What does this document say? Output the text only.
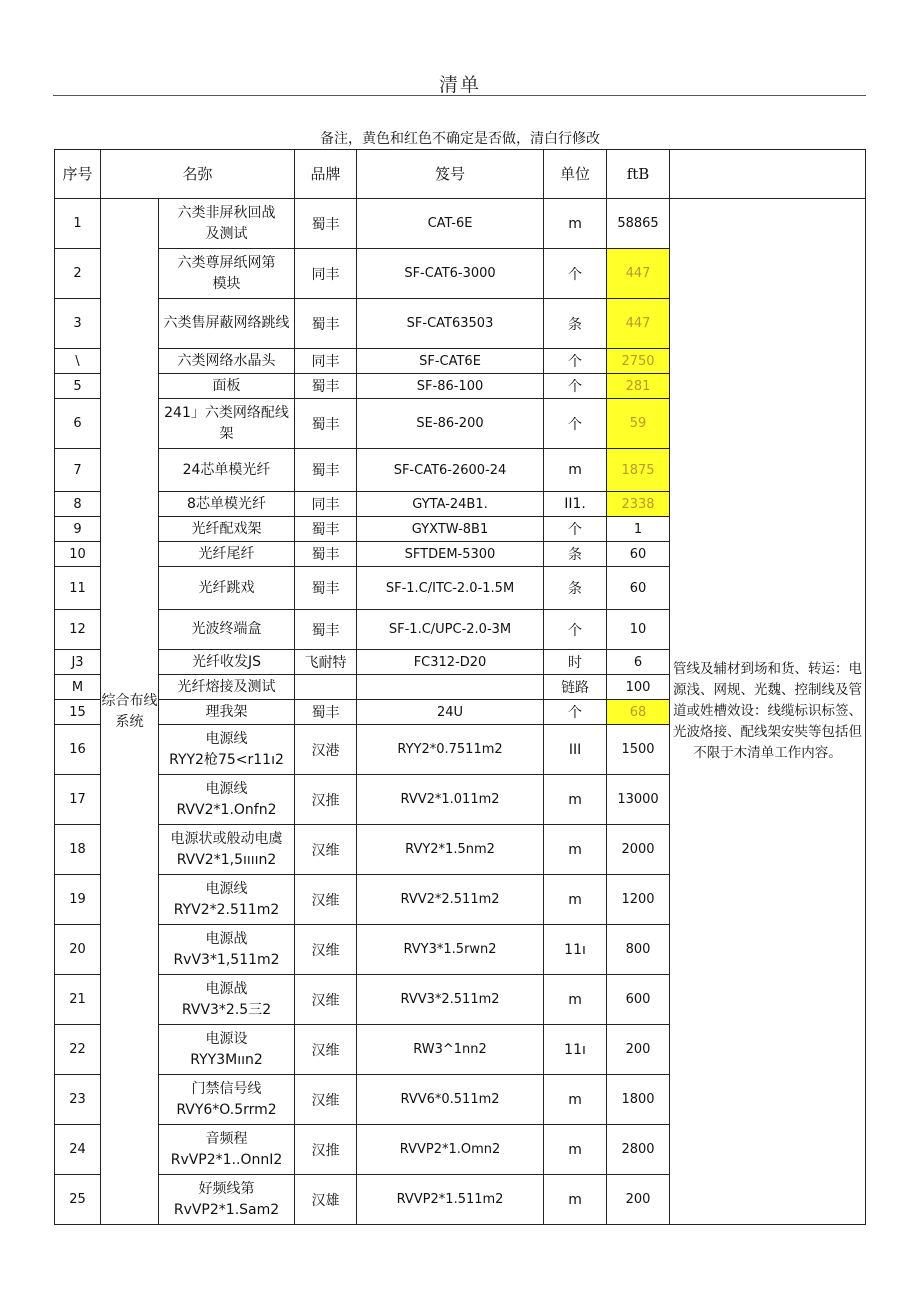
清单
备注，黄色和红色不确定是否做，清白行修改
序号	名弥		品牌	笈号	单位	ftB	
1	综合布线系统	六类非屏秋回战
及测试	蜀丰	CAT-6E	m	58865	管线及辅材到场和货、转运：电源浅、网规、光魏、控制线及管道或姓槽效设：线缆标识标签、光波烙接、配线架安奘等包括但不限于木清单工作内容。
2		六类尊屏纸网第
模块	同丰	SF-CAT6-3000	个	447	
3		六类售屏蔽网络跳线	蜀丰	SF-CAT63503	条	447	
\		六类网络水晶头	同丰	SF-CAT6E	个	2750	
5		面板	蜀丰	SF-86-100	个	281	
6		241」六类网络配线
架	蜀丰	SE-86-200	个	59	
7		24芯单模光纤	蜀丰	SF-CAT6-2600-24	m	1875	
8		8芯单模光纤	同丰	GYTA-24B1.	II1.	2338	
9		光纤配戏架	蜀丰	GYXTW-8B1	个	1	
10		光纤尾纤	蜀丰	SFTDEM-5300	条	60	
11		光纤跳戏	蜀丰	SF-1.C/ITC-2.0-1.5M	条	60	
12		光波终端盒	蜀丰	SF-1.C/UPC-2.0-3M	个	10	
J3		光纤收发JS	飞耐特	FC312-D20	时	6	
M		光纤熔接及测试			链路	100	
15		理我架	蜀丰	24U	个	68	
16		电源线
RYY2枪75<r11ı2	汉港	RYY2*0.7511m2	III	1500	
17		电源线
RVV2*1.Onfn2	汉推	RVV2*1.011m2	m	13000	
18		电源状或般动电虞
RVV2*1,5ıııın2	汉维	RVY2*1.5nm2	m	2000	
19		电源线
RYV2*2.511m2	汉维	RVV2*2.511m2	m	1200	
20		电源战
RvV3*1,511m2	汉维	RVY3*1.5rwn2	11ı	800	
21		电源战
RVV3*2.5三2	汉维	RVV3*2.511m2	m	600	
22		电源设
RYY3Mıın2	汉维	RW3^1nn2	11ı	200	
23		门禁信号线
RVY6*O.5rrm2	汉维	RVV6*0.511m2	m	1800	
24		音频程
RvVP2*1..OnnI2	汉推	RVVP2*1.Omn2	m	2800	
25		好频线第
RvVP2*1.Sam2	汉雄	RVVP2*1.511m2	m	200	
